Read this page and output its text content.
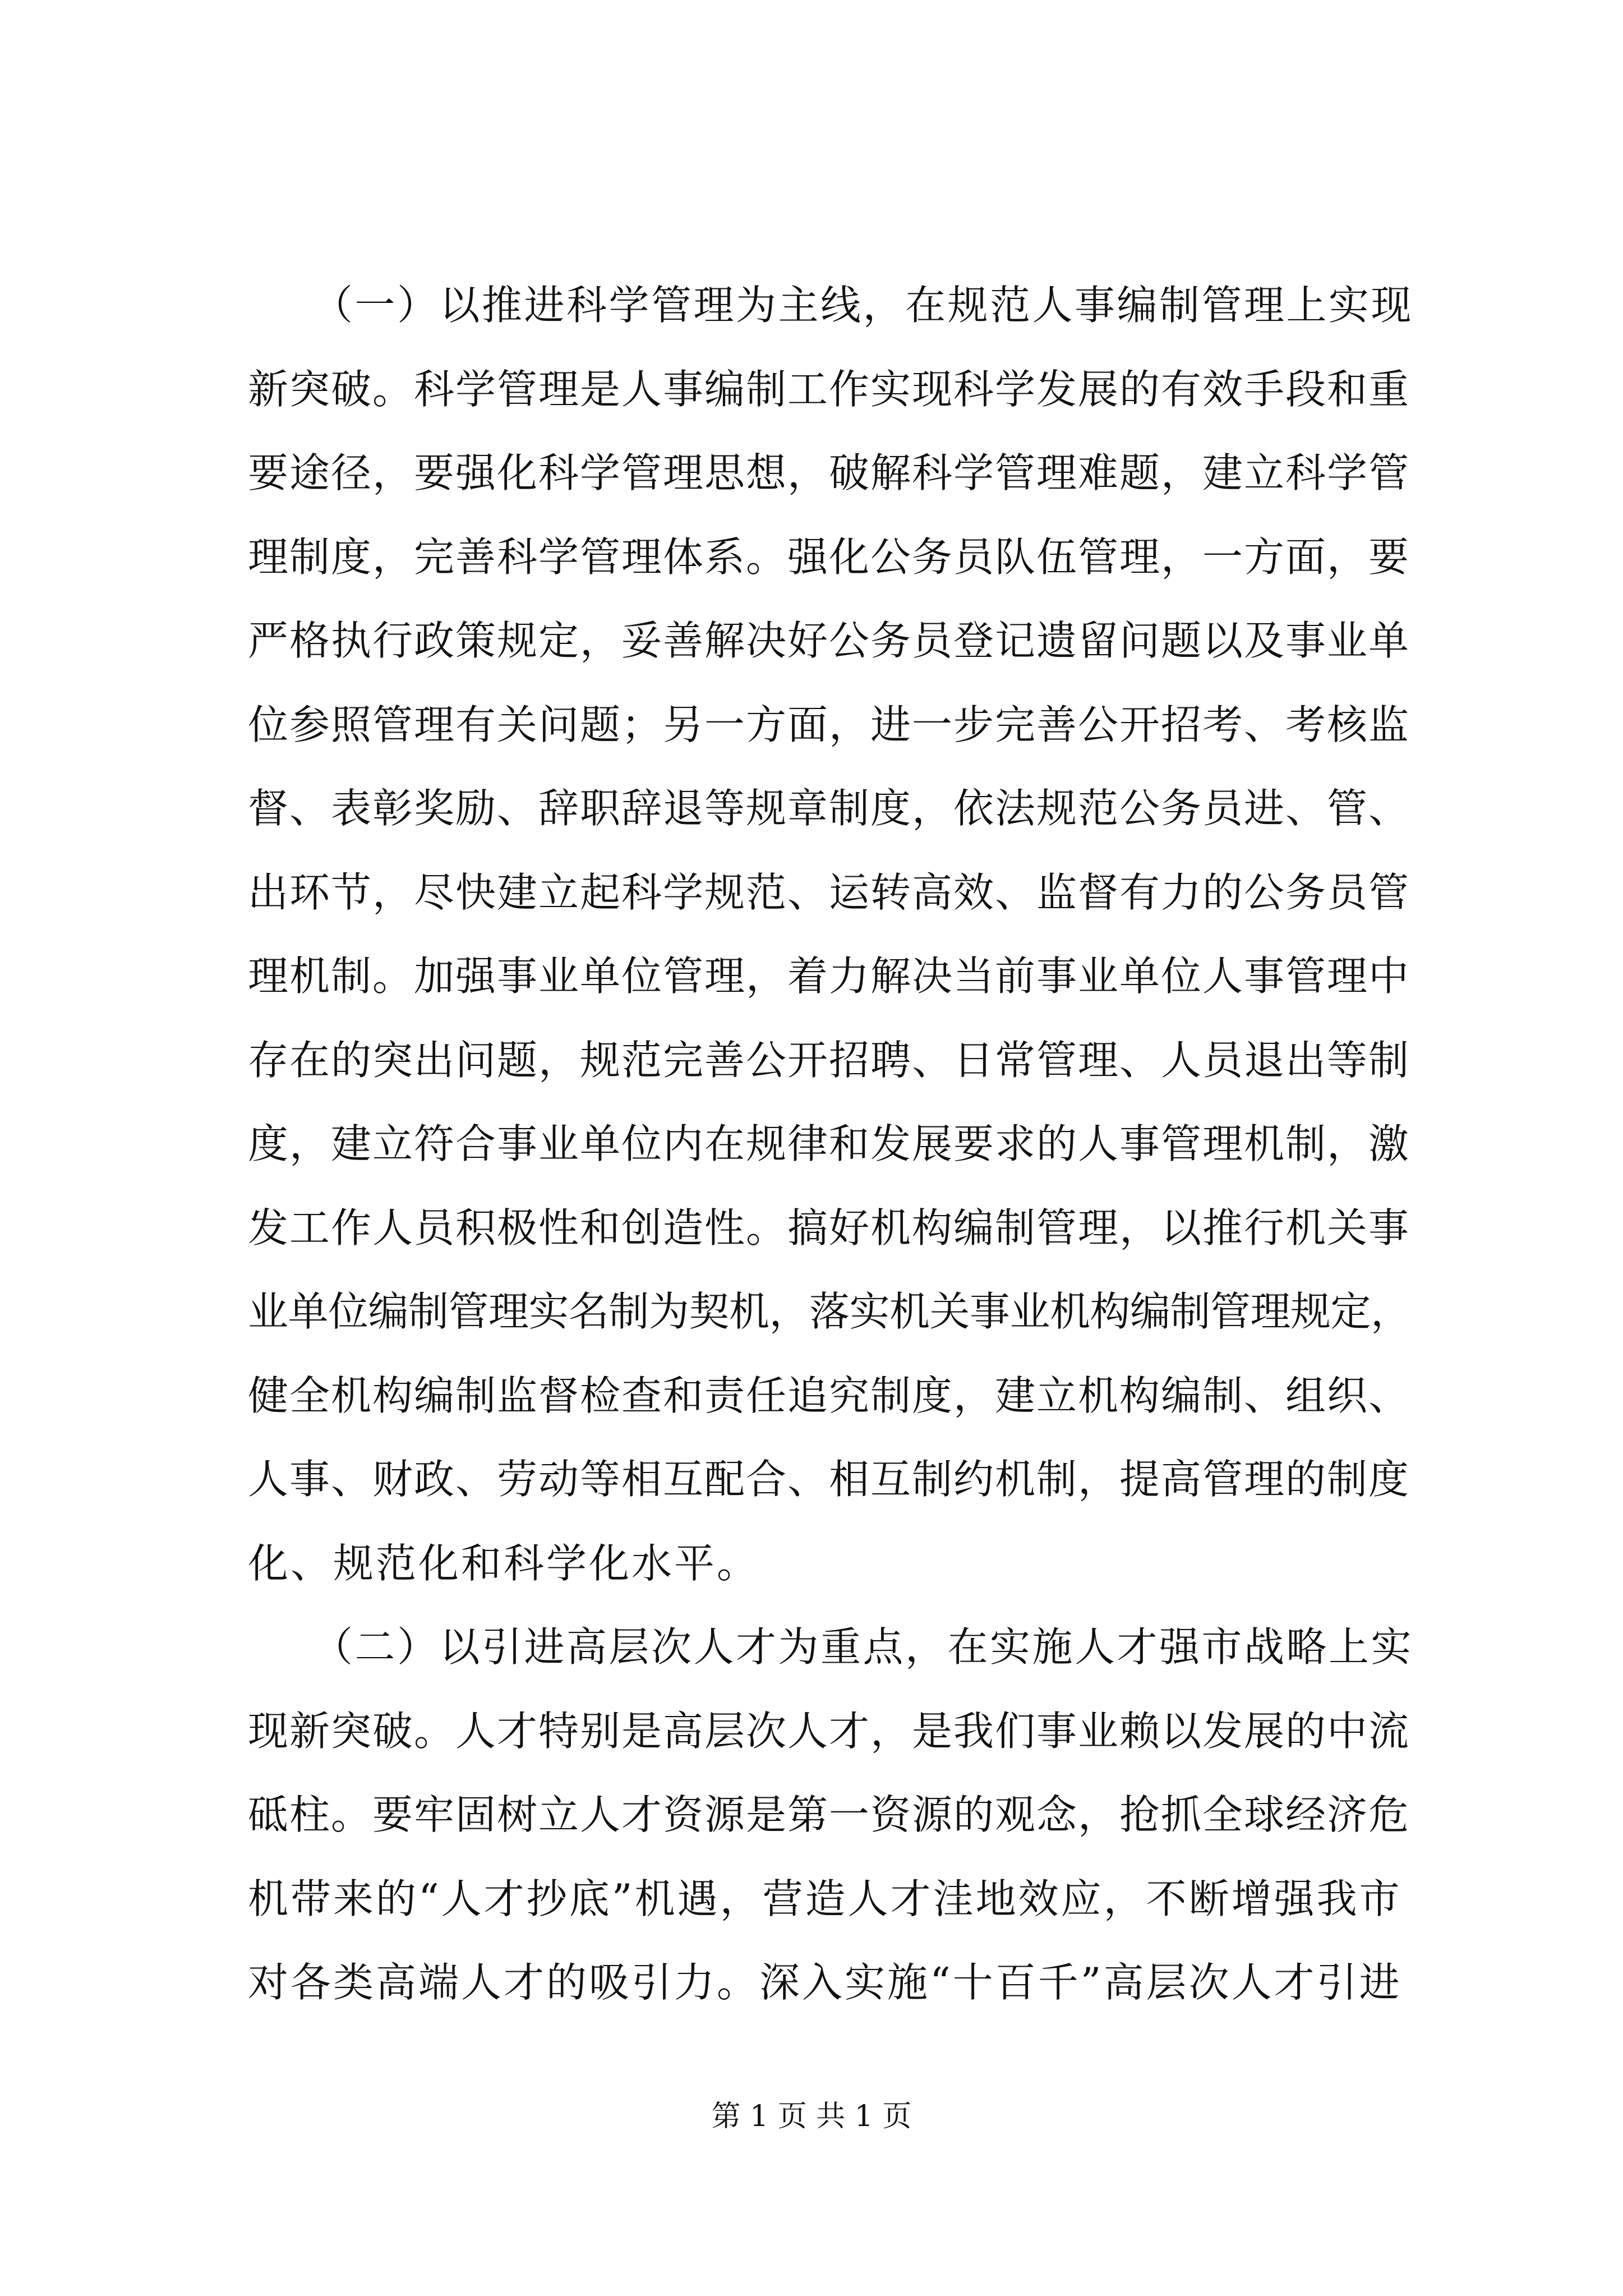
　　（一）以推进科学管理为主线，在规范人事编制管理上实现
新突破。科学管理是人事编制工作实现科学发展的有效手段和重
要途径，要强化科学管理思想，破解科学管理难题，建立科学管
理制度，完善科学管理体系。强化公务员队伍管理，一方面，要
严格执行政策规定，妥善解决好公务员登记遗留问题以及事业单
位参照管理有关问题；另一方面，进一步完善公开招考、考核监
督、表彰奖励、辞职辞退等规章制度，依法规范公务员进、管、
出环节，尽快建立起科学规范、运转高效、监督有力的公务员管
理机制。加强事业单位管理，着力解决当前事业单位人事管理中
存在的突出问题，规范完善公开招聘、日常管理、人员退出等制
度，建立符合事业单位内在规律和发展要求的人事管理机制，激
发工作人员积极性和创造性。搞好机构编制管理，以推行机关事
业单位编制管理实名制为契机，落实机关事业机构编制管理规定，
健全机构编制监督检查和责任追究制度，建立机构编制、组织、
人事、财政、劳动等相互配合、相互制约机制，提高管理的制度
化、规范化和科学化水平。
　　（二）以引进高层次人才为重点，在实施人才强市战略上实
现新突破。人才特别是高层次人才，是我们事业赖以发展的中流
砥柱。要牢固树立人才资源是第一资源的观念，抢抓全球经济危
机带来的“人才抄底”机遇，营造人才洼地效应，不断增强我市
对各类高端人才的吸引力。深入实施“十百千”高层次人才引进
第 1 页 共 1 页
